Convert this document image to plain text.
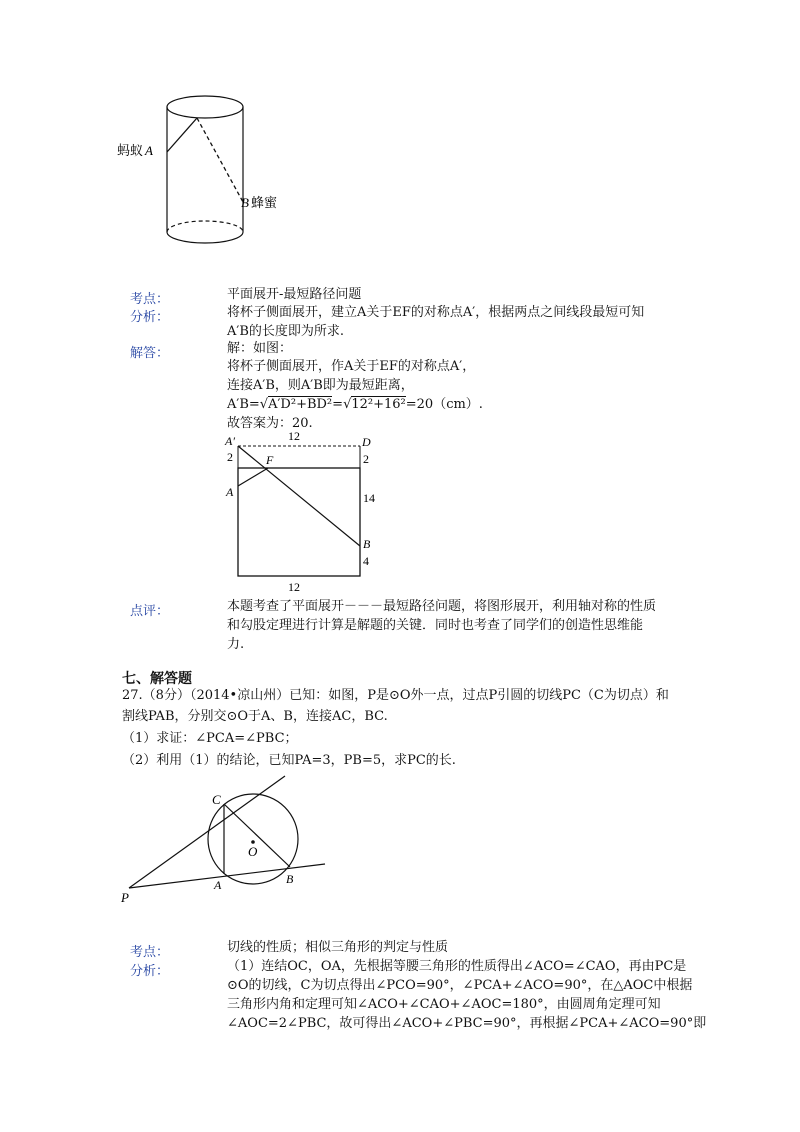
蚂蚁 A
B 蜂蜜
考点：	平面展开-最短路径问题
分析：	将杯子侧面展开，建立A关于EF的对称点A′，根据两点之间线段最短可知
A′B的长度即为所求.
解答：	解：如图：
将杯子侧面展开，作A关于EF的对称点A′，
连接A′B，则A′B即为最短距离，
A′B=√A′D²+BD²=√12²+16²=20（cm）.
故答案为：20.
12
A′	D
2	2
F
A	14
B
4
12
点评：	本题考查了平面展开－－－最短路径问题，将图形展开，利用轴对称的性质
和勾股定理进行计算是解题的关键．同时也考查了同学们的创造性思维能
力.
七、解答题
27.（8分）（2014•凉山州）已知：如图，P是⊙O外一点，过点P引圆的切线PC（C为切点）和
割线PAB，分别交⊙O于A、B，连接AC，BC.
（1）求证：∠PCA=∠PBC；
（2）利用（1）的结论，已知PA=3，PB=5，求PC的长.
C
O
P
A	B
考点：	切线的性质；相似三角形的判定与性质
分析：	（1）连结OC，OA，先根据等腰三角形的性质得出∠ACO=∠CAO，再由PC是
⊙O的切线，C为切点得出∠PCO=90°，∠PCA+∠ACO=90°，在△AOC中根据
三角形内角和定理可知∠ACO+∠CAO+∠AOC=180°，由圆周角定理可知
∠AOC=2∠PBC，故可得出∠ACO+∠PBC=90°，再根据∠PCA+∠ACO=90°即
